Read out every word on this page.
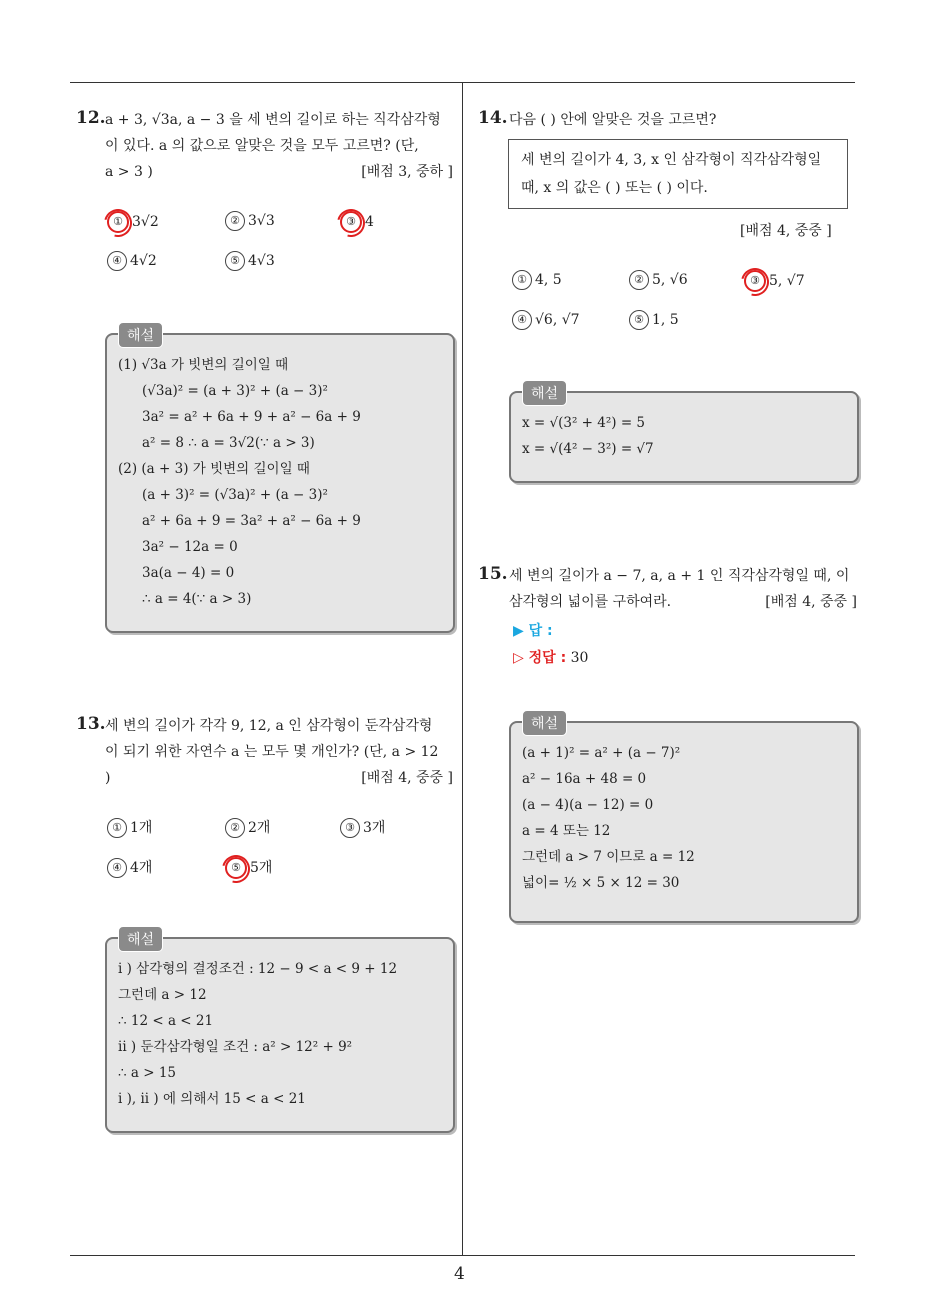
4
12. a + 3, √3a, a − 3 을 세 변의 길이로 하는 직각삼각형
이 있다. a 의 값으로 알맞은 것을 모두 고르면? (단,
a > 3 )	[배점 3, 중하 ]
① 3√2	② 3√3	③ 4
④ 4√2	⑤ 4√3
해설
(1) √3a 가 빗변의 길이일 때
(√3a)² = (a + 3)² + (a − 3)²
3a² = a² + 6a + 9 + a² − 6a + 9
a² = 8 ∴ a = 3√2(∵ a > 3)
(2) (a + 3) 가 빗변의 길이일 때
(a + 3)² = (√3a)² + (a − 3)²
a² + 6a + 9 = 3a² + a² − 6a + 9
3a² − 12a = 0
3a(a − 4) = 0
∴ a = 4(∵ a > 3)
13. 세 변의 길이가 각각 9, 12, a 인 삼각형이 둔각삼각형
이 되기 위한 자연수 a 는 모두 몇 개인가? (단, a > 12
)	[배점 4, 중중 ]
① 1개	② 2개	③ 3개
④ 4개	⑤ 5개
해설
i ) 삼각형의 결정조건 : 12 − 9 < a < 9 + 12
그런데 a > 12
∴ 12 < a < 21
ii ) 둔각삼각형일 조건 : a² > 12² + 9²
∴ a > 15
i ), ii ) 에 의해서 15 < a < 21
14. 다음 ( ) 안에 알맞은 것을 고르면?
세 변의 길이가 4, 3, x 인 삼각형이 직각삼각형일
때, x 의 값은 ( ) 또는 ( ) 이다.
[배점 4, 중중 ]
① 4, 5	② 5, √6	③ 5, √7
④ √6, √7	⑤ 1, 5
해설
x = √(3² + 4²) = 5
x = √(4² − 3²) = √7
15. 세 변의 길이가 a − 7, a, a + 1 인 직각삼각형일 때, 이
삼각형의 넓이를 구하여라.	[배점 4, 중중 ]
▶ 답 :
▷ 정답 : 30
해설
(a + 1)² = a² + (a − 7)²
a² − 16a + 48 = 0
(a − 4)(a − 12) = 0
a = 4 또는 12
그런데 a > 7 이므로 a = 12
넓이= ½ × 5 × 12 = 30
